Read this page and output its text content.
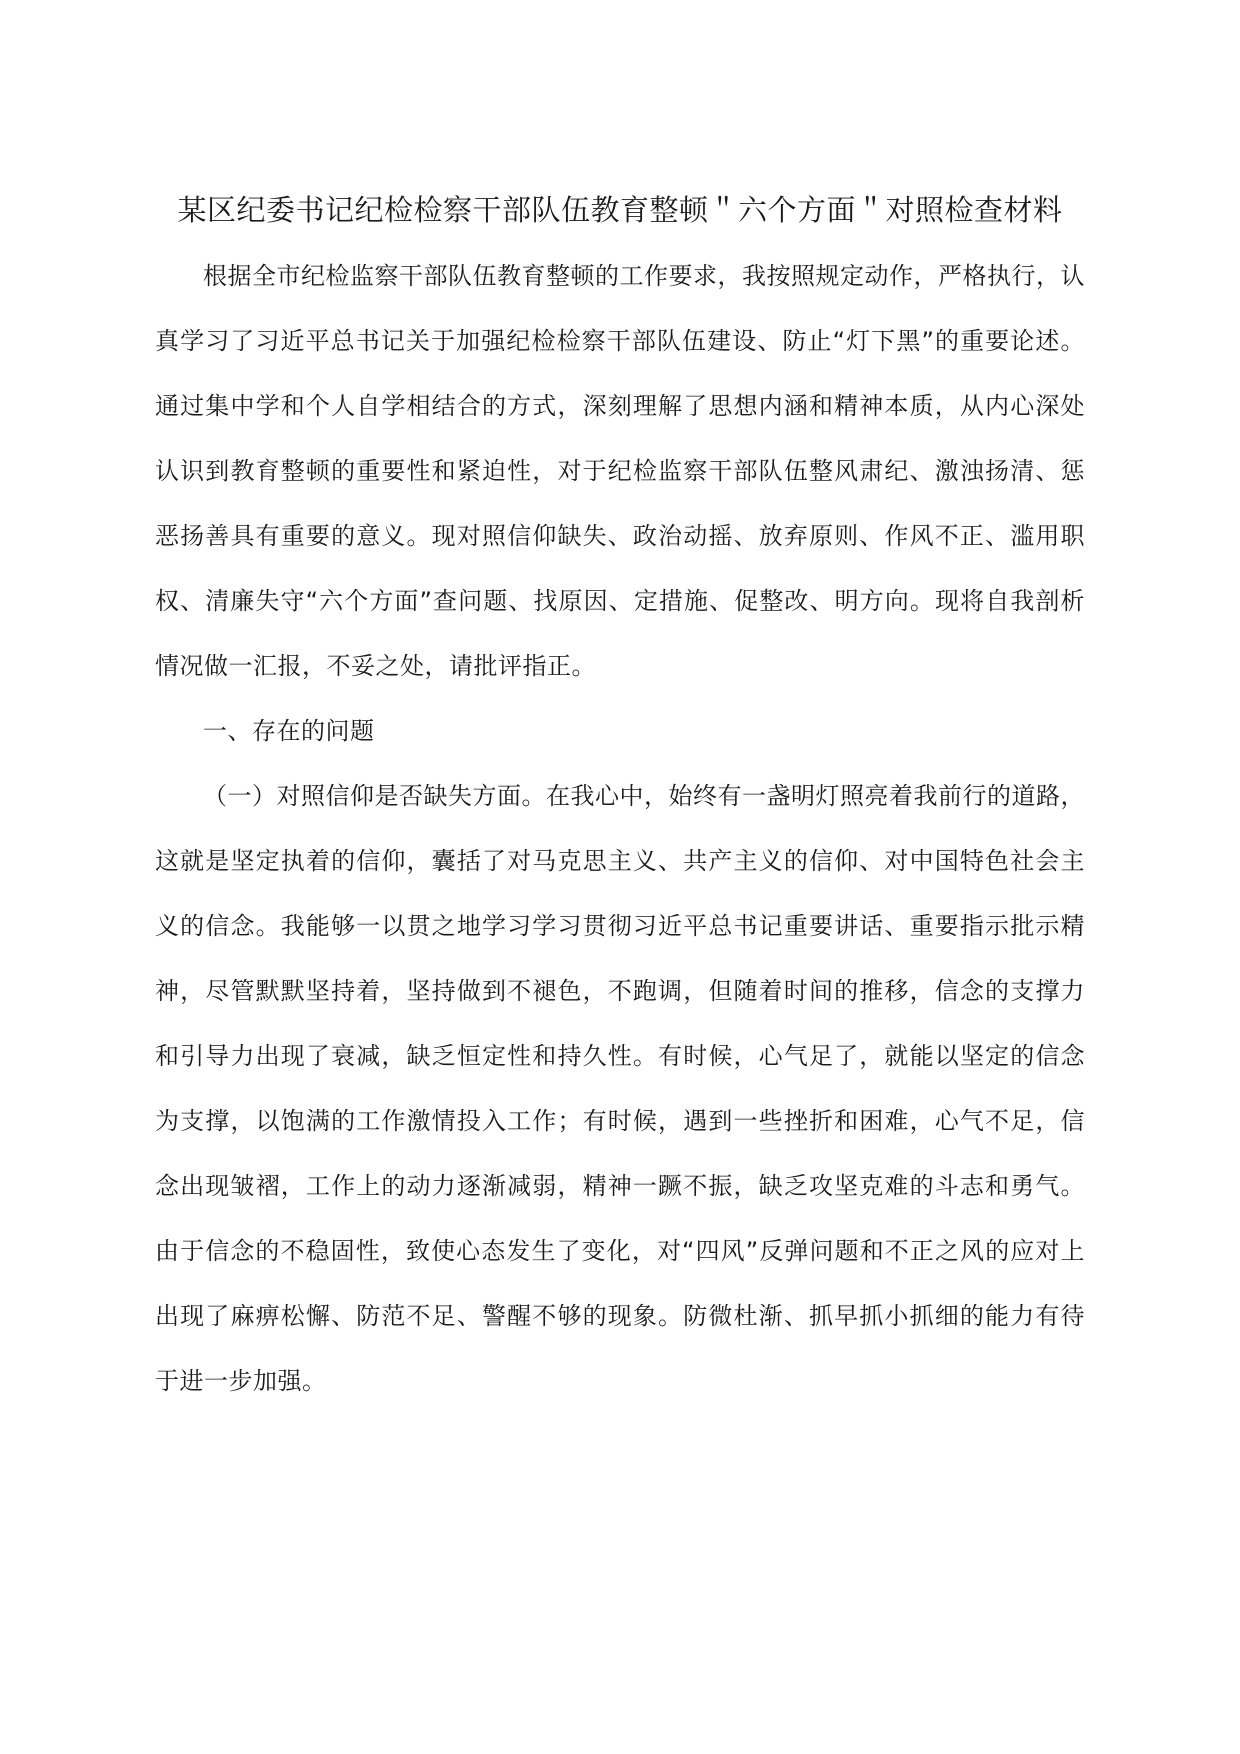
某区纪委书记纪检检察干部队伍教育整顿＂六个方面＂对照检查材料

根据全市纪检监察干部队伍教育整顿的工作要求，我按照规定动作，严格执行，认真学习了习近平总书记关于加强纪检检察干部队伍建设、防止“灯下黑”的重要论述。通过集中学和个人自学相结合的方式，深刻理解了思想内涵和精神本质，从内心深处认识到教育整顿的重要性和紧迫性，对于纪检监察干部队伍整风肃纪、激浊扬清、惩恶扬善具有重要的意义。现对照信仰缺失、政治动摇、放弃原则、作风不正、滥用职权、清廉失守“六个方面”查问题、找原因、定措施、促整改、明方向。现将自我剖析情况做一汇报，不妥之处，请批评指正。

一、存在的问题

（一）对照信仰是否缺失方面。在我心中，始终有一盏明灯照亮着我前行的道路，这就是坚定执着的信仰，囊括了对马克思主义、共产主义的信仰、对中国特色社会主义的信念。我能够一以贯之地学习学习贯彻习近平总书记重要讲话、重要指示批示精神，尽管默默坚持着，坚持做到不褪色，不跑调，但随着时间的推移，信念的支撑力和引导力出现了衰减，缺乏恒定性和持久性。有时候，心气足了，就能以坚定的信念为支撑，以饱满的工作激情投入工作；有时候，遇到一些挫折和困难，心气不足，信念出现皱褶，工作上的动力逐渐减弱，精神一蹶不振，缺乏攻坚克难的斗志和勇气。由于信念的不稳固性，致使心态发生了变化，对“四风”反弹问题和不正之风的应对上出现了麻痹松懈、防范不足、警醒不够的现象。防微杜渐、抓早抓小抓细的能力有待于进一步加强。
